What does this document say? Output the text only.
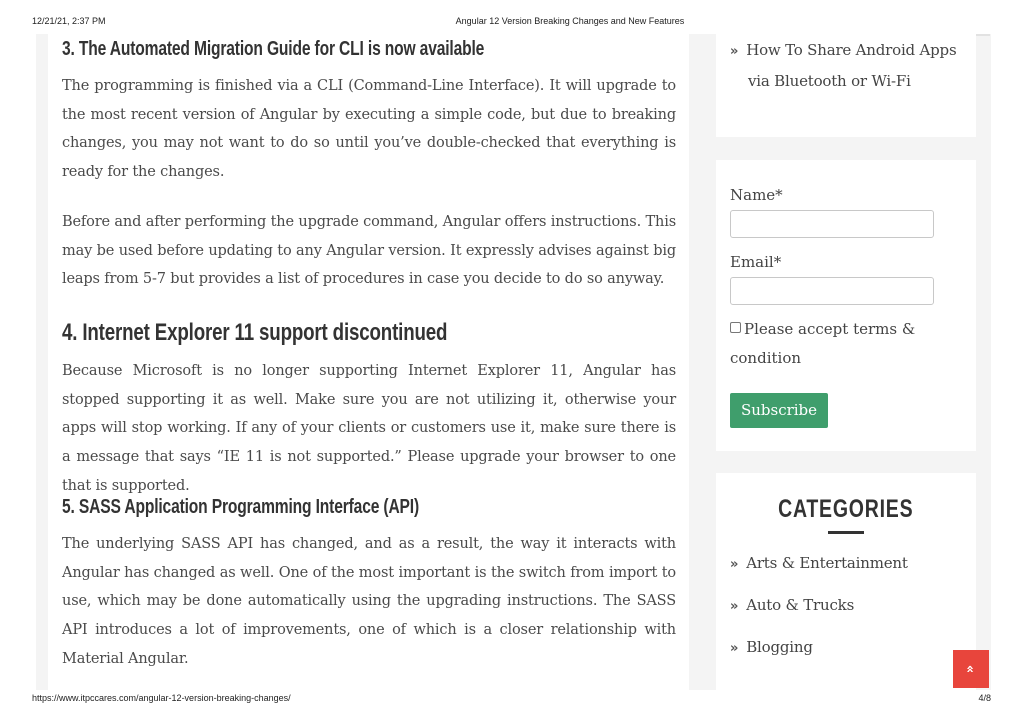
12/21/21, 2:37 PM	Angular 12 Version Breaking Changes and New Features
3. The Automated Migration Guide for CLI is now available

The programming is finished via a CLI (Command-Line Interface). It will upgrade to the most recent version of Angular by executing a simple code, but due to breaking changes, you may not want to do so until you’ve double-checked that everything is ready for the changes.

Before and after performing the upgrade command, Angular offers instructions. This may be used before updating to any Angular version. It expressly advises against big leaps from 5-7 but provides a list of procedures in case you decide to do so anyway.

4. Internet Explorer 11 support discontinued

Because Microsoft is no longer supporting Internet Explorer 11, Angular has stopped supporting it as well. Make sure you are not utilizing it, otherwise your apps will stop working. If any of your clients or customers use it, make sure there is a message that says “IE 11 is not supported.” Please upgrade your browser to one that is supported.

5. SASS Application Programming Interface (API)

The underlying SASS API has changed, and as a result, the way it interacts with Angular has changed as well. One of the most important is the switch from import to use, which may be done automatically using the upgrading instructions. The SASS API introduces a lot of improvements, one of which is a closer relationship with Material Angular.

» How To Share Android Apps via Bluetooth or Wi-Fi
Name*
Email*
Please accept terms & condition
Subscribe
CATEGORIES
» Arts & Entertainment
» Auto & Trucks
» Blogging
»
https://www.itpccares.com/angular-12-version-breaking-changes/	4/8
